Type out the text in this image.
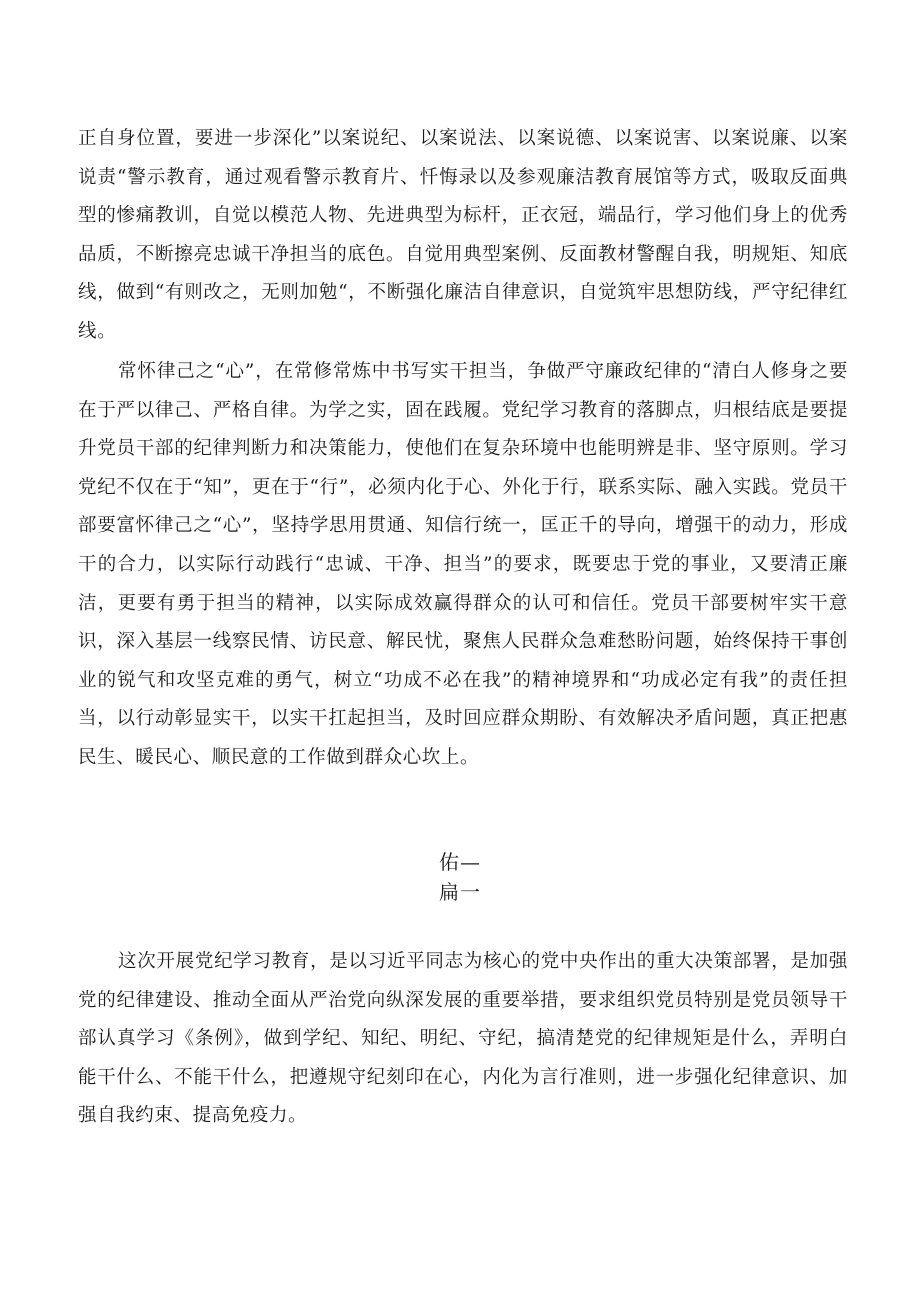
正自身位置，要进一步深化”以案说纪、以案说法、以案说德、以案说害、以案说廉、以案说责“警示教育，通过观看警示教育片、忏悔录以及参观廉洁教育展馆等方式，吸取反面典型的惨痛教训，自觉以模范人物、先进典型为标杆，正衣冠，端品行，学习他们身上的优秀品质，不断擦亮忠诚干净担当的底色。自觉用典型案例、反面教材警醒自我，明规矩、知底线，做到“有则改之，无则加勉“，不断强化廉洁自律意识，自觉筑牢思想防线，严守纪律红线。

常怀律己之“心”，在常修常炼中书写实干担当，争做严守廉政纪律的“清白人修身之要在于严以律己、严格自律。为学之实，固在践履。党纪学习教育的落脚点，归根结底是要提升党员干部的纪律判断力和决策能力，使他们在复杂环境中也能明辨是非、坚守原则。学习党纪不仅在于“知”，更在于“行”，必须内化于心、外化于行，联系实际、融入实践。党员干部要富怀律己之“心”，坚持学思用贯通、知信行统一，匡正千的导向，增强干的动力，形成干的合力，以实际行动践行“忠诚、干净、担当”的要求，既要忠于党的事业，又要清正廉洁，更要有勇于担当的精神，以实际成效赢得群众的认可和信任。党员干部要树牢实干意识，深入基层一线察民情、访民意、解民忧，聚焦人民群众急难愁盼问题，始终保持干事创业的锐气和攻坚克难的勇气，树立“功成不必在我”的精神境界和“功成必定有我”的责任担当，以行动彰显实干，以实干扛起担当，及时回应群众期盼、有效解决矛盾问题，真正把惠民生、暖民心、顺民意的工作做到群众心坎上。

佑—

扁一

这次开展党纪学习教育，是以习近平同志为核心的党中央作出的重大决策部署，是加强党的纪律建设、推动全面从严治党向纵深发展的重要举措，要求组织党员特别是党员领导干部认真学习《条例》，做到学纪、知纪、明纪、守纪，搞清楚党的纪律规矩是什么，弄明白能干什么、不能干什么，把遵规守纪刻印在心，内化为言行准则，进一步强化纪律意识、加强自我约束、提高免疫力。
